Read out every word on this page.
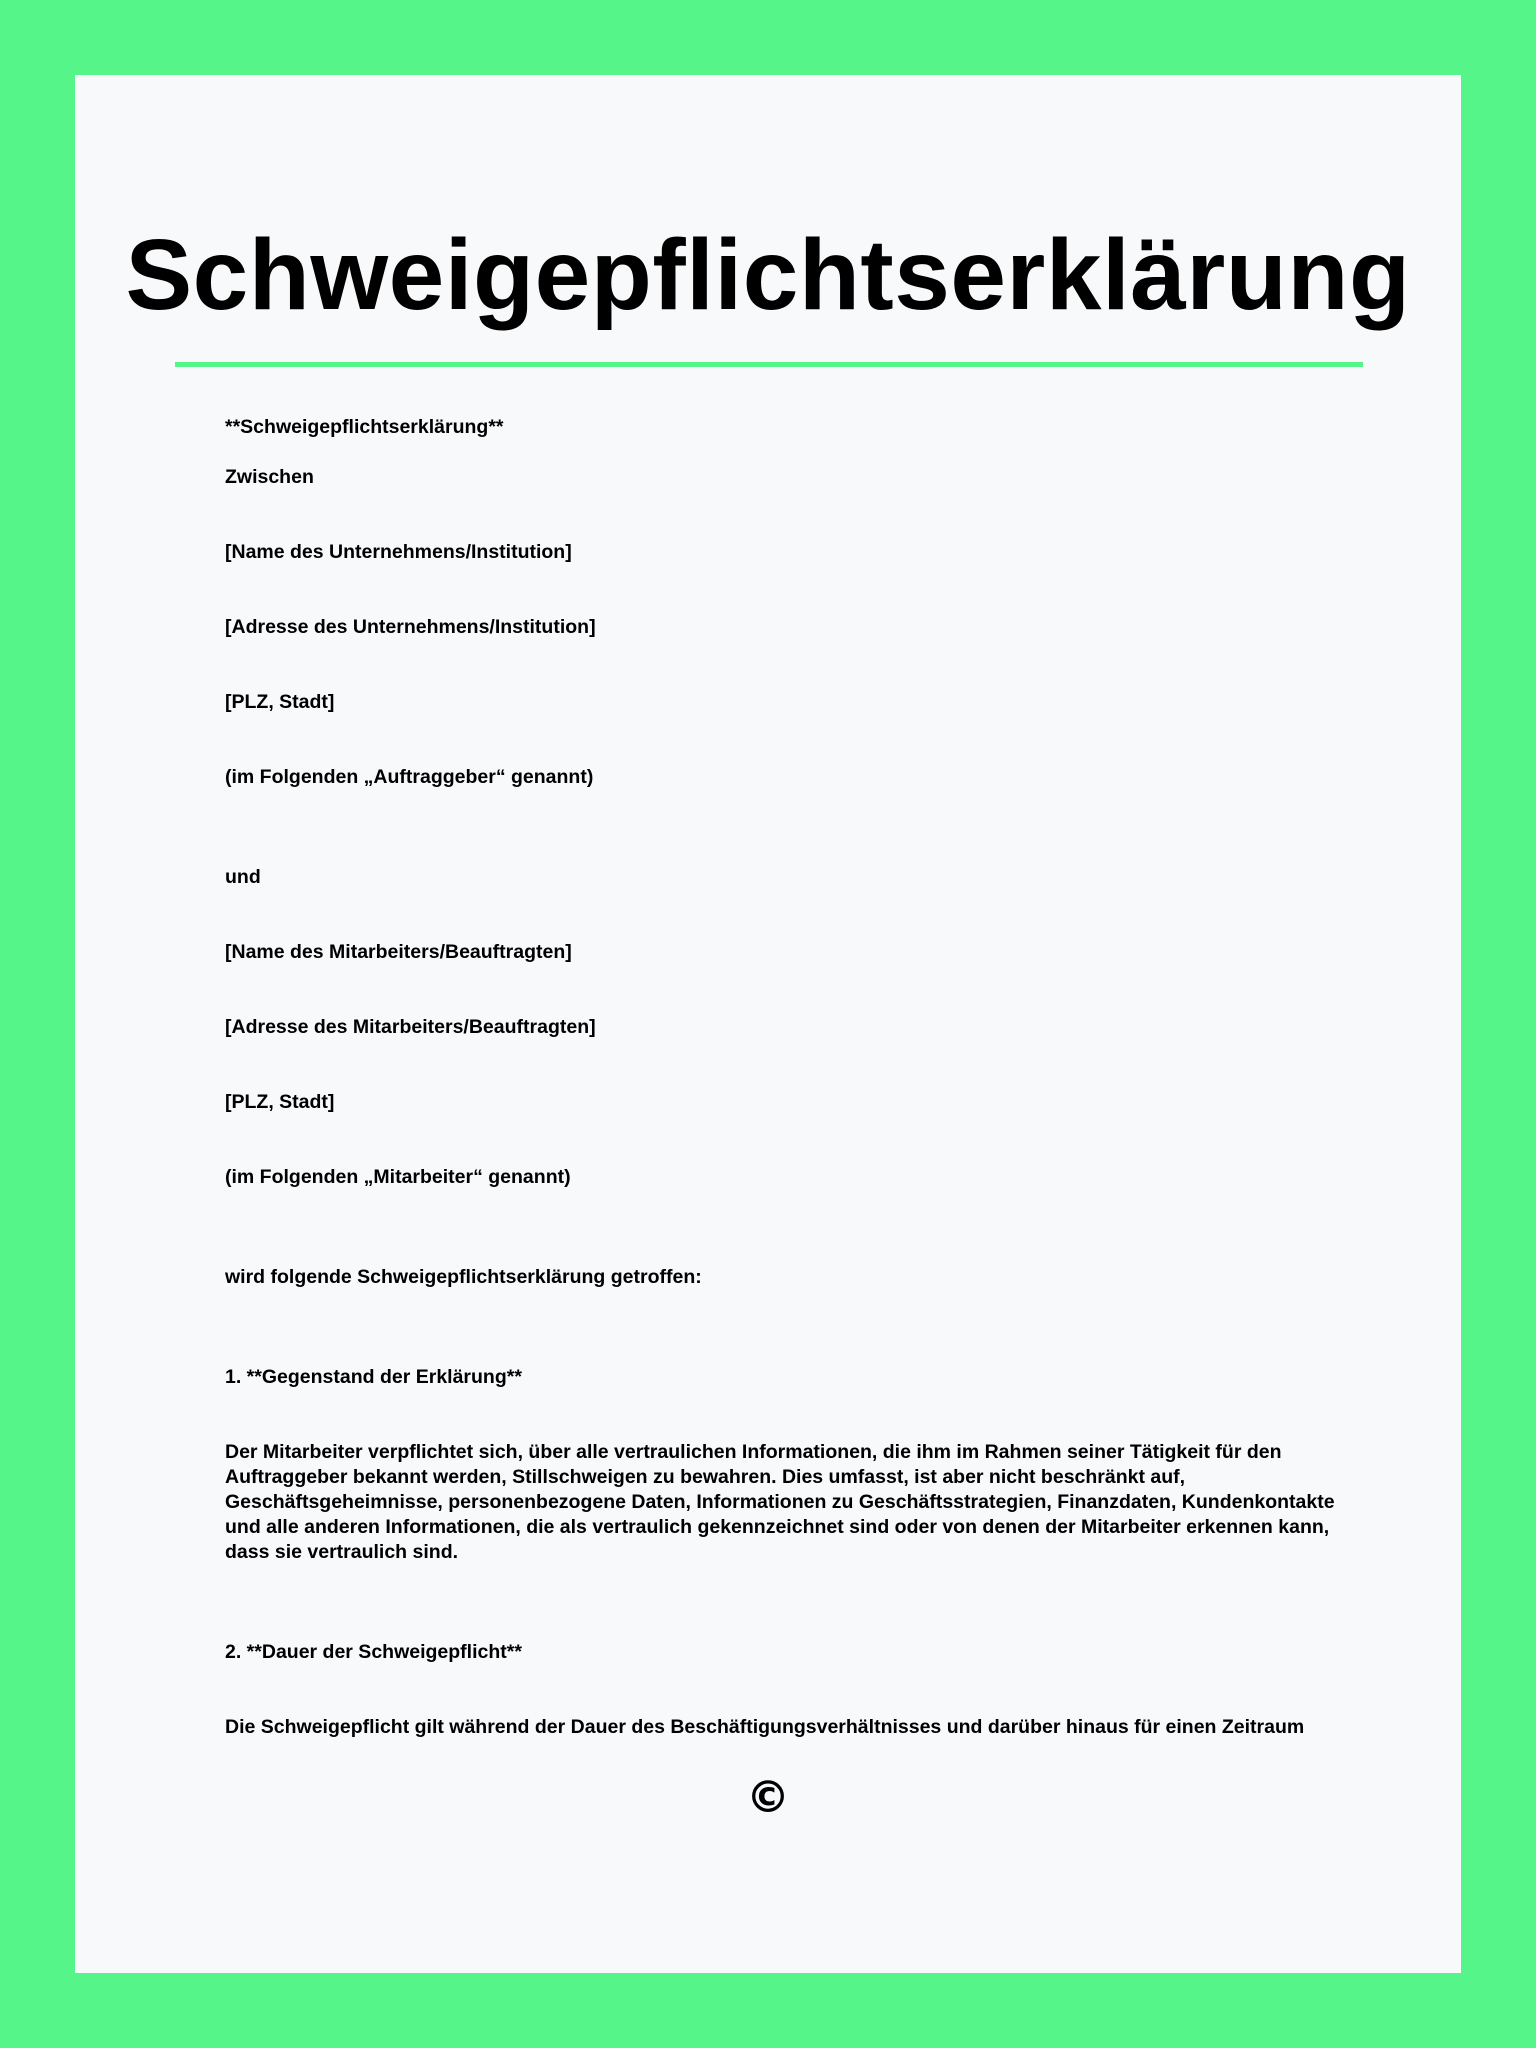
Schweigepflichtserklärung
**Schweigepflichtserklärung**
Zwischen
[Name des Unternehmens/Institution]
[Adresse des Unternehmens/Institution]
[PLZ, Stadt]
(im Folgenden „Auftraggeber“ genannt)
und
[Name des Mitarbeiters/Beauftragten]
[Adresse des Mitarbeiters/Beauftragten]
[PLZ, Stadt]
(im Folgenden „Mitarbeiter“ genannt)
wird folgende Schweigepflichtserklärung getroffen:
1. **Gegenstand der Erklärung**
Der Mitarbeiter verpflichtet sich, über alle vertraulichen Informationen, die ihm im Rahmen seiner Tätigkeit für den Auftraggeber bekannt werden, Stillschweigen zu bewahren. Dies umfasst, ist aber nicht beschränkt auf, Geschäftsgeheimnisse, personenbezogene Daten, Informationen zu Geschäftsstrategien, Finanzdaten, Kundenkontakte und alle anderen Informationen, die als vertraulich gekennzeichnet sind oder von denen der Mitarbeiter erkennen kann, dass sie vertraulich sind.
2. **Dauer der Schweigepflicht**
Die Schweigepflicht gilt während der Dauer des Beschäftigungsverhältnisses und darüber hinaus für einen Zeitraum
©
